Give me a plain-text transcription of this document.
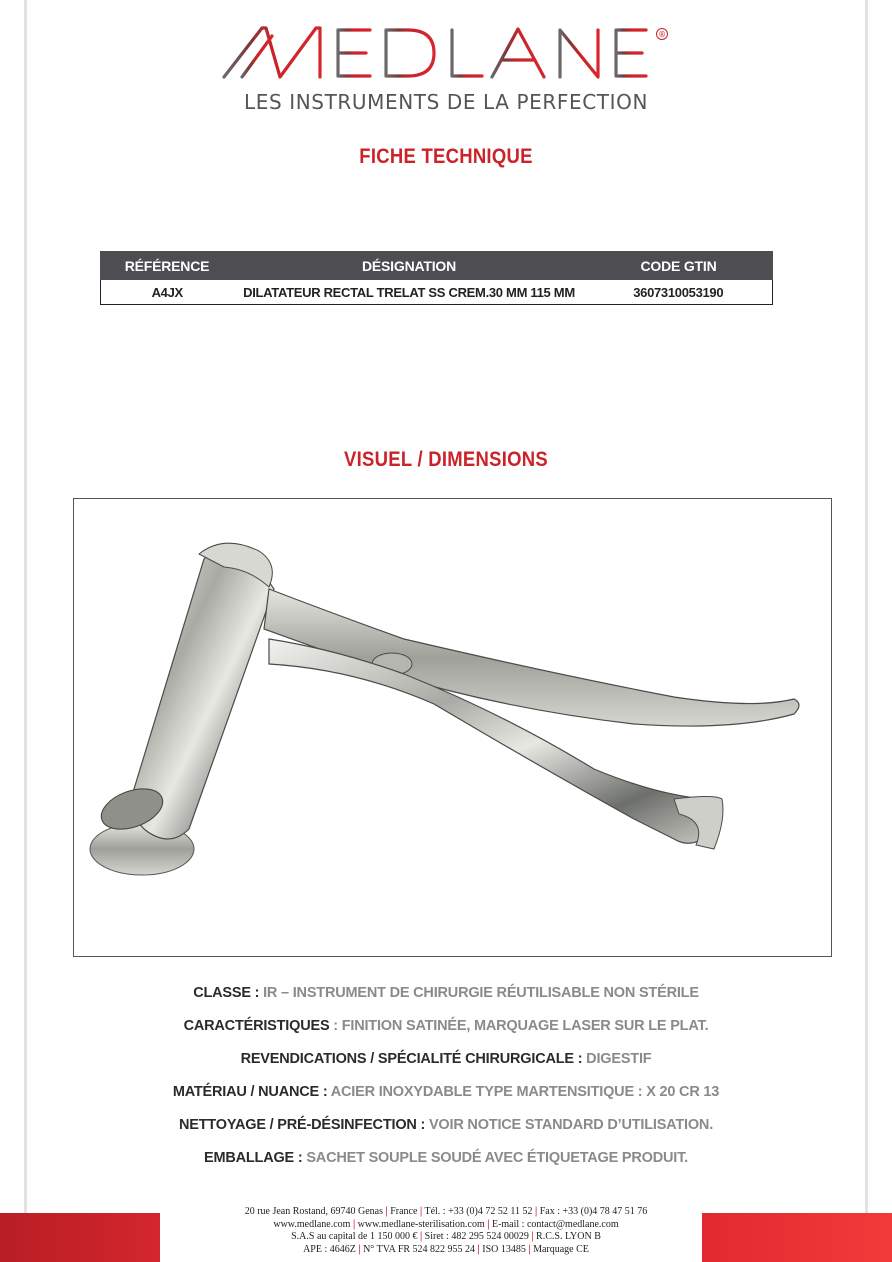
®
LES INSTRUMENTS DE LA PERFECTION
FICHE TECHNIQUE
RÉFÉRENCE	DÉSIGNATION	CODE GTIN
A4JX	DILATATEUR RECTAL TRELAT SS CREM.30 MM 115 MM	3607310053190
VISUEL / DIMENSIONS
CLASSE : IR – INSTRUMENT DE CHIRURGIE RÉUTILISABLE NON STÉRILE
CARACTÉRISTIQUES : FINITION SATINÉE, MARQUAGE LASER SUR LE PLAT.
REVENDICATIONS / SPÉCIALITÉ CHIRURGICALE : DIGESTIF
MATÉRIAU / NUANCE : ACIER INOXYDABLE TYPE MARTENSITIQUE : X 20 CR 13
NETTOYAGE / PRÉ-DÉSINFECTION : VOIR NOTICE STANDARD D’UTILISATION.
EMBALLAGE : SACHET SOUPLE SOUDÉ AVEC ÉTIQUETAGE PRODUIT.
20 rue Jean Rostand, 69740 Genas | France | Tél. : +33 (0)4 72 52 11 52 | Fax : +33 (0)4 78 47 51 76
www.medlane.com | www.medlane-sterilisation.com | E-mail : contact@medlane.com
S.A.S au capital de 1 150 000 € | Siret : 482 295 524 00029 | R.C.S. LYON B
APE : 4646Z | N° TVA FR 524 822 955 24 | ISO 13485 | Marquage CE
